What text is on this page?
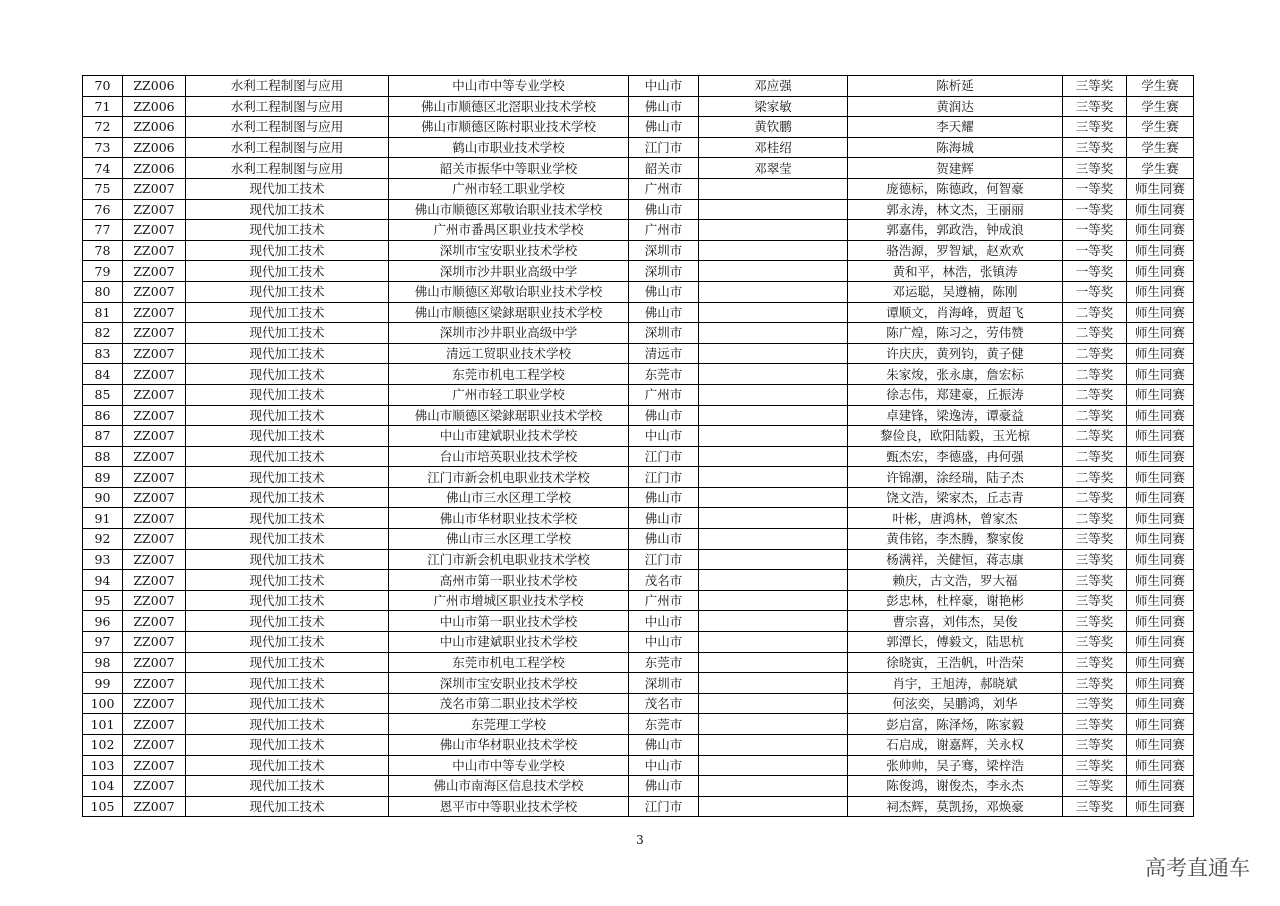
70	ZZ006	水利工程制图与应用	中山市中等专业学校	中山市	邓应强	陈析延	三等奖	学生赛
71	ZZ006	水利工程制图与应用	佛山市顺德区北滘职业技术学校	佛山市	梁家敏	黄润达	三等奖	学生赛
72	ZZ006	水利工程制图与应用	佛山市顺德区陈村职业技术学校	佛山市	黄钦鹏	李天耀	三等奖	学生赛
73	ZZ006	水利工程制图与应用	鹤山市职业技术学校	江门市	邓桂绍	陈海城	三等奖	学生赛
74	ZZ006	水利工程制图与应用	韶关市振华中等职业学校	韶关市	邓翠莹	贺建辉	三等奖	学生赛
75	ZZ007	现代加工技术	广州市轻工职业学校	广州市		庞德标，陈德政，何智豪	一等奖	师生同赛
76	ZZ007	现代加工技术	佛山市顺德区郑敬诒职业技术学校	佛山市		郭永涛，林文杰，王丽丽	一等奖	师生同赛
77	ZZ007	现代加工技术	广州市番禺区职业技术学校	广州市		郭嘉伟，郭政浩，钟成浪	一等奖	师生同赛
78	ZZ007	现代加工技术	深圳市宝安职业技术学校	深圳市		骆浩源，罗智斌，赵欢欢	一等奖	师生同赛
79	ZZ007	现代加工技术	深圳市沙井职业高级中学	深圳市		黄和平，林浩，张镇涛	一等奖	师生同赛
80	ZZ007	现代加工技术	佛山市顺德区郑敬诒职业技术学校	佛山市		邓运聪，吴遵楠，陈刚	一等奖	师生同赛
81	ZZ007	现代加工技术	佛山市顺德区梁銶琚职业技术学校	佛山市		谭顺文，肖海峰，贾超飞	二等奖	师生同赛
82	ZZ007	现代加工技术	深圳市沙井职业高级中学	深圳市		陈广煌，陈习之，劳伟赞	二等奖	师生同赛
83	ZZ007	现代加工技术	清远工贸职业技术学校	清远市		许庆庆，黄列钧，黄子健	二等奖	师生同赛
84	ZZ007	现代加工技术	东莞市机电工程学校	东莞市		朱家焌，张永康，詹宏标	二等奖	师生同赛
85	ZZ007	现代加工技术	广州市轻工职业学校	广州市		徐志伟，郑建豪，丘振涛	二等奖	师生同赛
86	ZZ007	现代加工技术	佛山市顺德区梁銶琚职业技术学校	佛山市		卓建锋，梁逸涛，谭豪益	二等奖	师生同赛
87	ZZ007	现代加工技术	中山市建斌职业技术学校	中山市		黎俭良，欧阳陆毅，玉光椋	二等奖	师生同赛
88	ZZ007	现代加工技术	台山市培英职业技术学校	江门市		甄杰宏，李德盛，冉何强	二等奖	师生同赛
89	ZZ007	现代加工技术	江门市新会机电职业技术学校	江门市		许锦潮，涂经瑞，陆子杰	二等奖	师生同赛
90	ZZ007	现代加工技术	佛山市三水区理工学校	佛山市		饶文浩，梁家杰，丘志青	二等奖	师生同赛
91	ZZ007	现代加工技术	佛山市华材职业技术学校	佛山市		叶彬，唐鸿林，曾家杰	二等奖	师生同赛
92	ZZ007	现代加工技术	佛山市三水区理工学校	佛山市		黄伟铭，李杰腾，黎家俊	三等奖	师生同赛
93	ZZ007	现代加工技术	江门市新会机电职业技术学校	江门市		杨满祥，关健恒，蒋志康	三等奖	师生同赛
94	ZZ007	现代加工技术	高州市第一职业技术学校	茂名市		赖庆，古文浩，罗大福	三等奖	师生同赛
95	ZZ007	现代加工技术	广州市增城区职业技术学校	广州市		彭忠林，杜梓豪，谢艳彬	三等奖	师生同赛
96	ZZ007	现代加工技术	中山市第一职业技术学校	中山市		曹宗喜，刘伟杰，吴俊	三等奖	师生同赛
97	ZZ007	现代加工技术	中山市建斌职业技术学校	中山市		郭潭长，傅毅文，陆思杭	三等奖	师生同赛
98	ZZ007	现代加工技术	东莞市机电工程学校	东莞市		徐晓寅，王浩帆，叶浩荣	三等奖	师生同赛
99	ZZ007	现代加工技术	深圳市宝安职业技术学校	深圳市		肖宇，王旭涛，郝晓斌	三等奖	师生同赛
100	ZZ007	现代加工技术	茂名市第二职业技术学校	茂名市		何泫奕，吴鹏鸿，刘华	三等奖	师生同赛
101	ZZ007	现代加工技术	东莞理工学校	东莞市		彭启富，陈泽炀，陈家毅	三等奖	师生同赛
102	ZZ007	现代加工技术	佛山市华材职业技术学校	佛山市		石启成，谢嘉辉，关永权	三等奖	师生同赛
103	ZZ007	现代加工技术	中山市中等专业学校	中山市		张帅帅，吴子骞，梁梓浩	三等奖	师生同赛
104	ZZ007	现代加工技术	佛山市南海区信息技术学校	佛山市		陈俊鸿，谢俊杰，李永杰	三等奖	师生同赛
105	ZZ007	现代加工技术	恩平市中等职业技术学校	江门市		祠杰辉，莫凯扬，邓焕豪	三等奖	师生同赛
3
高考直通车
